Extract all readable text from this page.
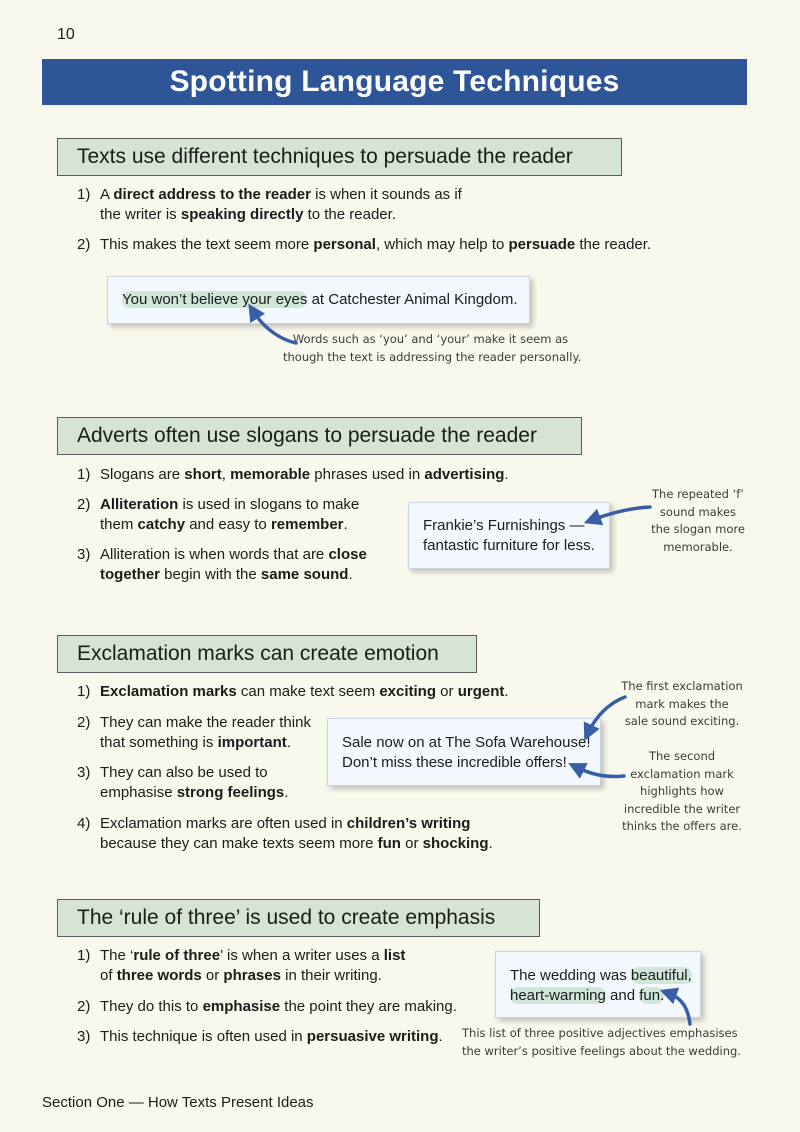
10
Spotting Language Techniques
Texts use different techniques to persuade the reader
1) A direct address to the reader is when it sounds as if
the writer is speaking directly to the reader.
2) This makes the text seem more personal, which may help to persuade the reader.
You won’t believe your eyes at Catchester Animal Kingdom.
Words such as ‘you’ and ‘your’ make it seem as
though the text is addressing the reader personally.
Adverts often use slogans to persuade the reader
1) Slogans are short, memorable phrases used in advertising.
2) Alliteration is used in slogans to make
them catchy and easy to remember.
3) Alliteration is when words that are close
together begin with the same sound.
Frankie’s Furnishings —
fantastic furniture for less.
The repeated ‘f’
sound makes
the slogan more
memorable.
Exclamation marks can create emotion
1) Exclamation marks can make text seem exciting or urgent.
2) They can make the reader think
that something is important.
3) They can also be used to
emphasise strong feelings.
4) Exclamation marks are often used in children’s writing
because they can make texts seem more fun or shocking.
Sale now on at The Sofa Warehouse!
Don’t miss these incredible offers!
The first exclamation
mark makes the
sale sound exciting.
The second
exclamation mark
highlights how
incredible the writer
thinks the offers are.
The ‘rule of three’ is used to create emphasis
1) The ‘rule of three’ is when a writer uses a list
of three words or phrases in their writing.
2) They do this to emphasise the point they are making.
3) This technique is often used in persuasive writing.
The wedding was beautiful,
heart-warming and fun.
This list of three positive adjectives emphasises
the writer’s positive feelings about the wedding.
Section One — How Texts Present Ideas
